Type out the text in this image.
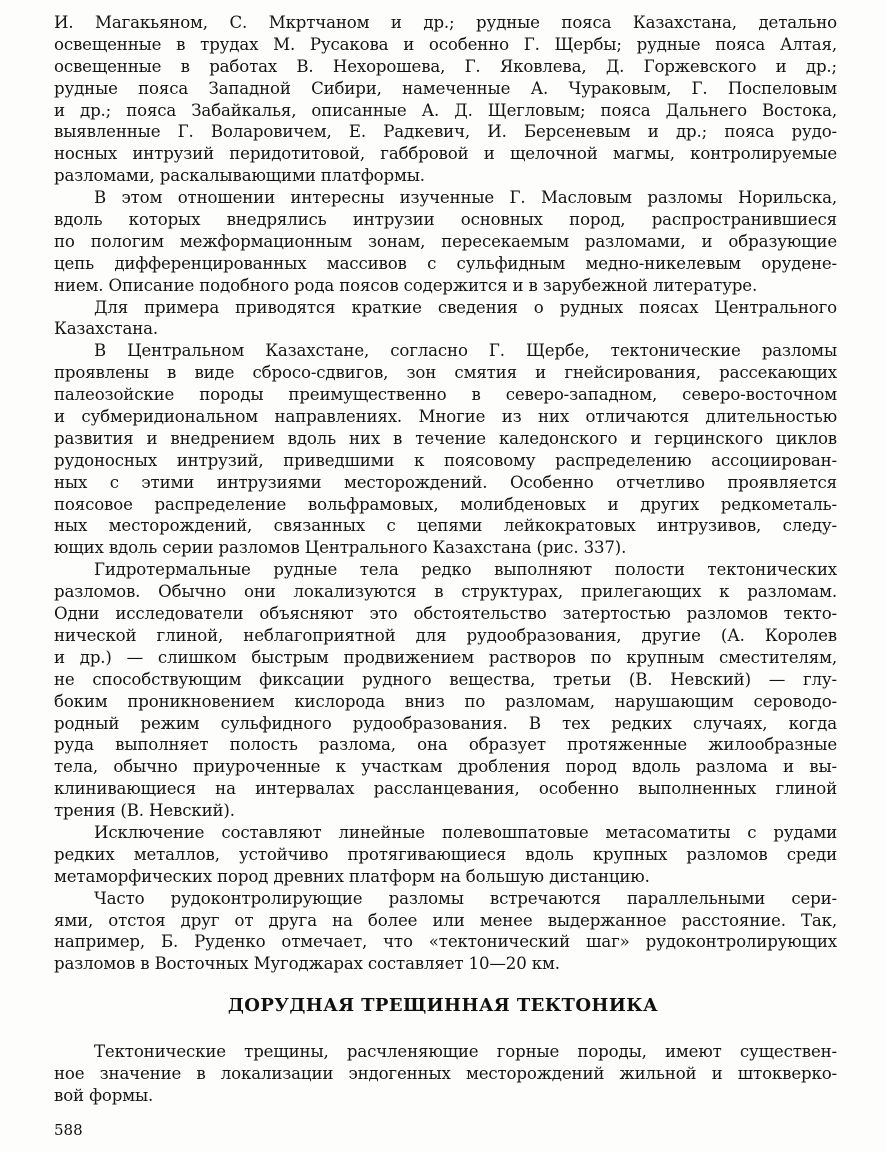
И. Магакьяном, С. Мкртчаном и др.; рудные пояса Казахстана, детально
освещенные в трудах М. Русакова и особенно Г. Щербы; рудные пояса Алтая,
освещенные в работах В. Нехорошева, Г. Яковлева, Д. Горжевского и др.;
рудные пояса Западной Сибири, намеченные А. Чураковым, Г. Поспеловым
и др.; пояса Забайкалья, описанные А. Д. Щегловым; пояса Дальнего Востока,
выявленные Г. Воларовичем, Е. Радкевич, И. Берсеневым и др.; пояса рудо-
носных интрузий перидотитовой, габбровой и щелочной магмы, контролируемые
разломами, раскалывающими платформы.
В этом отношении интересны изученные Г. Масловым разломы Норильска,
вдоль которых внедрялись интрузии основных пород, распространившиеся
по пологим межформационным зонам, пересекаемым разломами, и образующие
цепь дифференцированных массивов с сульфидным медно-никелевым орудене-
нием. Описание подобного рода поясов содержится и в зарубежной литературе.
Для примера приводятся краткие сведения о рудных поясах Центрального
Казахстана.
В Центральном Казахстане, согласно Г. Щербе, тектонические разломы
проявлены в виде сбросо-сдвигов, зон смятия и гнейсирования, рассекающих
палеозойские породы преимущественно в северо-западном, северо-восточном
и субмеридиональном направлениях. Многие из них отличаются длительностью
развития и внедрением вдоль них в течение каледонского и герцинского циклов
рудоносных интрузий, приведшими к поясовому распределению ассоциирован-
ных с этими интрузиями месторождений. Особенно отчетливо проявляется
поясовое распределение вольфрамовых, молибденовых и других редкометаль-
ных месторождений, связанных с цепями лейкократовых интрузивов, следу-
ющих вдоль серии разломов Центрального Казахстана (рис. 337).
Гидротермальные рудные тела редко выполняют полости тектонических
разломов. Обычно они локализуются в структурах, прилегающих к разломам.
Одни исследователи объясняют это обстоятельство затертостью разломов текто-
нической глиной, неблагоприятной для рудообразования, другие (А. Королев
и др.) — слишком быстрым продвижением растворов по крупным сместителям,
не способствующим фиксации рудного вещества, третьи (В. Невский) — глу-
боким проникновением кислорода вниз по разломам, нарушающим сероводо-
родный режим сульфидного рудообразования. В тех редких случаях, когда
руда выполняет полость разлома, она образует протяженные жилообразные
тела, обычно приуроченные к участкам дробления пород вдоль разлома и вы-
клинивающиеся на интервалах рассланцевания, особенно выполненных глиной
трения (В. Невский).
Исключение составляют линейные полевошпатовые метасоматиты с рудами
редких металлов, устойчиво протягивающиеся вдоль крупных разломов среди
метаморфических пород древних платформ на большую дистанцию.
Часто рудоконтролирующие разломы встречаются параллельными сери-
ями, отстоя друг от друга на более или менее выдержанное расстояние. Так,
например, Б. Руденко отмечает, что «тектонический шаг» рудоконтролирующих
разломов в Восточных Мугоджарах составляет 10—20 км.
ДОРУДНАЯ ТРЕЩИННАЯ ТЕКТОНИКА
Тектонические трещины, расчленяющие горные породы, имеют существен-
ное значение в локализации эндогенных месторождений жильной и штокверко-
вой формы.
588
